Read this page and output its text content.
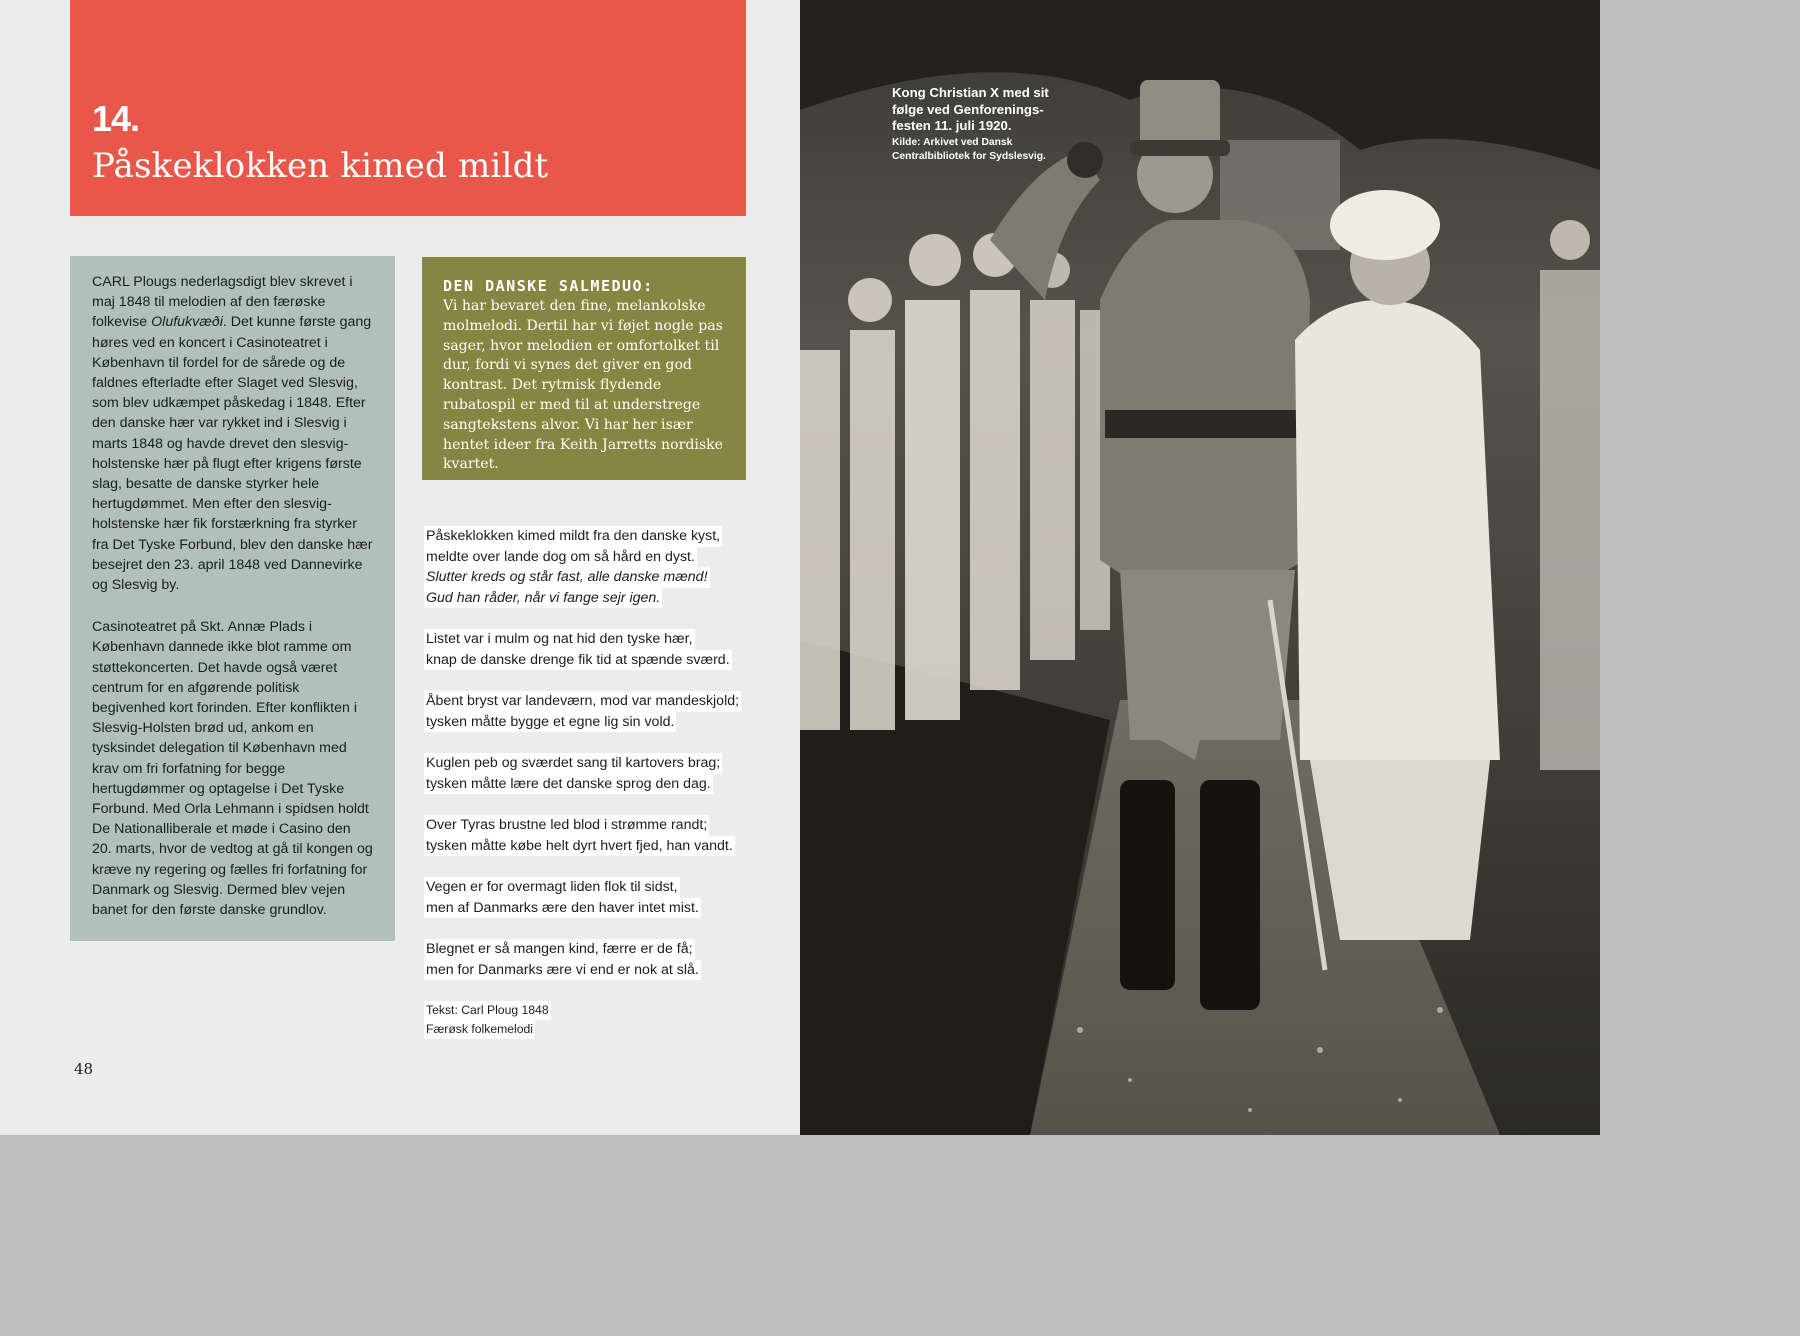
14.
Påskeklokken kimed mildt

CARL Plougs nederlagsdigt blev skrevet i maj 1848 til melodien af den færøske folkevise Olufukvæði. Det kunne første gang høres ved en koncert i Casinoteatret i København til fordel for de sårede og de faldnes efterladte efter Slaget ved Slesvig, som blev udkæmpet påskedag i 1848. Efter den danske hær var rykket ind i Slesvig i marts 1848 og havde drevet den slesvig-holstenske hær på flugt efter krigens første slag, besatte de danske styrker hele hertugdømmet. Men efter den slesvig-holstenske hær fik forstærkning fra styrker fra Det Tyske Forbund, blev den danske hær besejret den 23. april 1848 ved Dannevirke og Slesvig by.

Casinoteatret på Skt. Annæ Plads i København dannede ikke blot ramme om støttekoncerten. Det havde også været centrum for en afgørende politisk begivenhed kort forinden. Efter konflikten i Slesvig-Holsten brød ud, ankom en tysksindet delegation til København med krav om fri forfatning for begge hertugdømmer og optagelse i Det Tyske Forbund. Med Orla Lehmann i spidsen holdt De Nationalliberale et møde i Casino den 20. marts, hvor de vedtog at gå til kongen og kræve ny regering og fælles fri forfatning for Danmark og Slesvig. Dermed blev vejen banet for den første danske grundlov.

DEN DANSKE SALMEDUO:
Vi har bevaret den fine, melankolske molmelodi. Dertil har vi føjet nogle pas sager, hvor melodien er omfortolket til dur, fordi vi synes det giver en god kontrast. Det rytmisk flydende rubatospil er med til at understrege sangtekstens alvor. Vi har her især hentet ideer fra Keith Jarretts nordiske kvartet.
Påskeklokken kimed mildt fra den danske kyst,
meldte over lande dog om så hård en dyst.
Slutter kreds og står fast, alle danske mænd!
Gud han råder, når vi fange sejr igen.
Listet var i mulm og nat hid den tyske hær,
knap de danske drenge fik tid at spænde sværd.
Åbent bryst var landeværn, mod var mandeskjold;
tysken måtte bygge et egne lig sin vold.
Kuglen peb og sværdet sang til kartovers brag;
tysken måtte lære det danske sprog den dag.
Over Tyras brustne led blod i strømme randt;
tysken måtte købe helt dyrt hvert fjed, han vandt.
Vegen er for overmagt liden flok til sidst,
men af Danmarks ære den haver intet mist.
Blegnet er så mangen kind, færre er de få;
men for Danmarks ære vi end er nok at slå.
Tekst: Carl Ploug 1848
Færøsk folkemelodi
48
Kong Christian X med sit følge ved Genforenings-festen 11. juli 1920.
Kilde: Arkivet ved Dansk Centralbibliotek for Sydslesvig.
